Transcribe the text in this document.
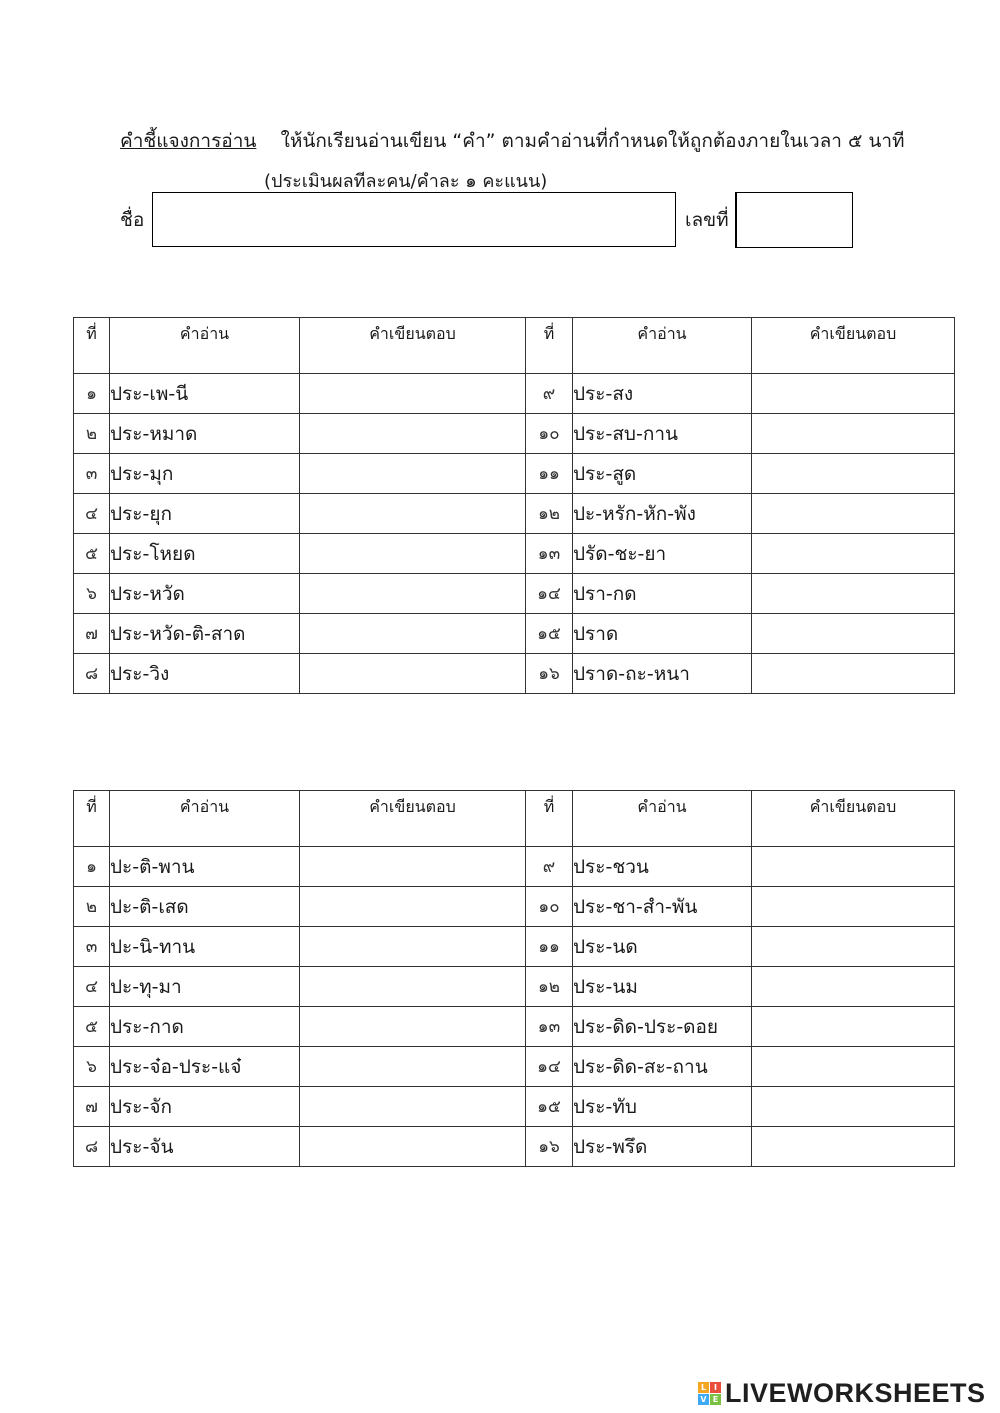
คำชี้แจงการอ่าน ให้นักเรียนอ่านเขียน “คำ” ตามคำอ่านที่กำหนดให้ถูกต้องภายในเวลา ๕ นาที
(ประเมินผลทีละคน/คำละ ๑ คะแนน)
ชื่อ	เลขที่
ที่	คำอ่าน	คำเขียนตอบ	ที่	คำอ่าน	คำเขียนตอบ
๑	ประ-เพ-นี		๙	ประ-สง	

๒	ประ-หมาด		๑๐	ประ-สบ-กาน	

๓	ประ-มุก		๑๑	ประ-สูด	

๔	ประ-ยุก		๑๒	ปะ-หรัก-หัก-พัง	

๕	ประ-โหยด		๑๓	ปรัด-ชะ-ยา	

๖	ประ-หวัด		๑๔	ปรา-กด	

๗	ประ-หวัด-ติ-สาด		๑๕	ปราด	

๘	ประ-วิง		๑๖	ปราด-ถะ-หนา	
ที่	คำอ่าน	คำเขียนตอบ	ที่	คำอ่าน	คำเขียนตอบ
๑	ปะ-ติ-พาน		๙	ประ-ชวน	

๒	ปะ-ติ-เสด		๑๐	ประ-ชา-สำ-พัน	

๓	ปะ-นิ-ทาน		๑๑	ประ-นด	

๔	ปะ-ทุ-มา		๑๒	ประ-นม	

๕	ประ-กาด		๑๓	ประ-ดิด-ประ-ดอย	

๖	ประ-จ๋อ-ประ-แจ๋		๑๔	ประ-ดิด-สะ-ถาน	

๗	ประ-จัก		๑๕	ประ-ทับ	

๘	ประ-จัน		๑๖	ประ-พรึด	
L I
V E LIVEWORKSHEETS
